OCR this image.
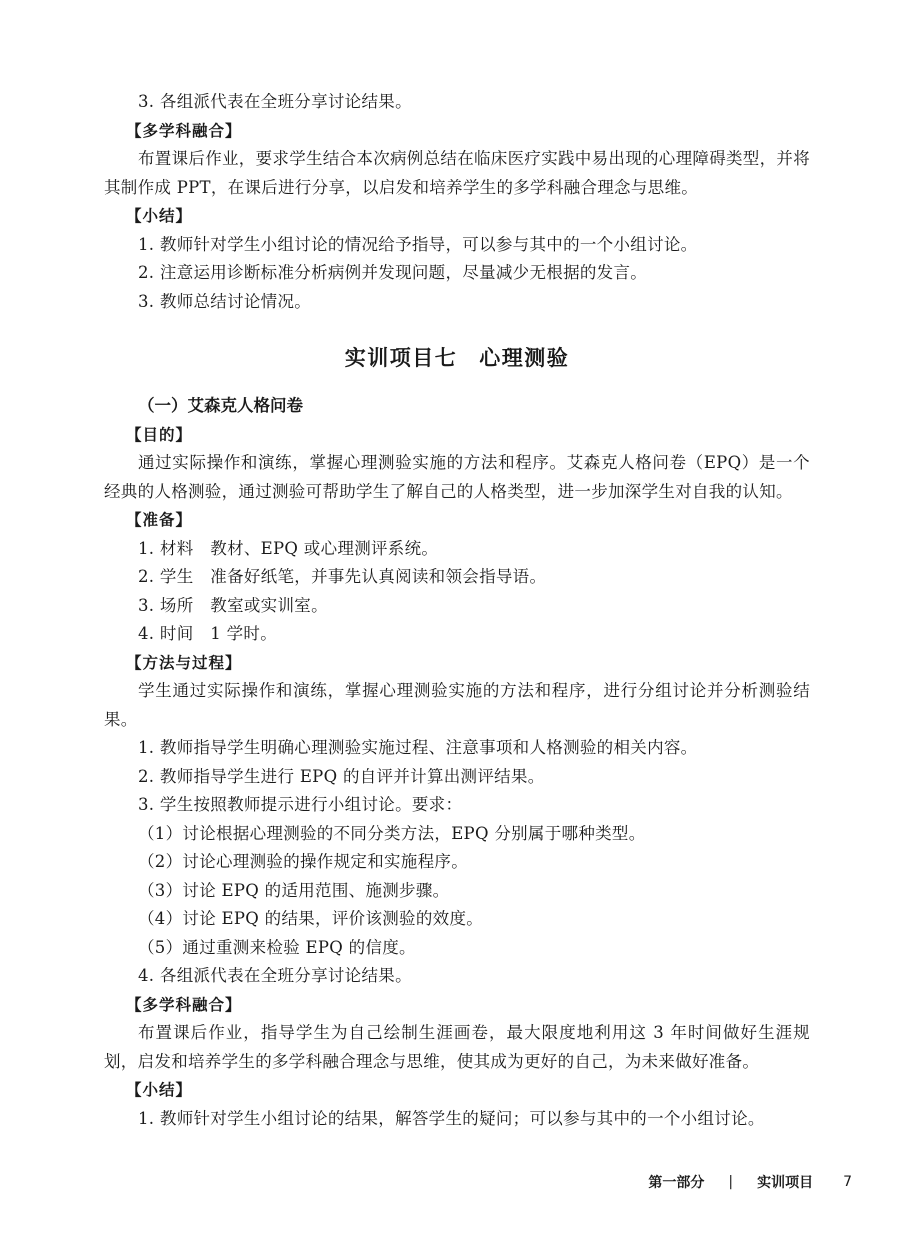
3. 各组派代表在全班分享讨论结果。
【多学科融合】
布置课后作业，要求学生结合本次病例总结在临床医疗实践中易出现的心理障碍类型，并将其制作成 PPT，在课后进行分享，以启发和培养学生的多学科融合理念与思维。
【小结】
1. 教师针对学生小组讨论的情况给予指导，可以参与其中的一个小组讨论。
2. 注意运用诊断标准分析病例并发现问题，尽量减少无根据的发言。
3. 教师总结讨论情况。
实训项目七 心理测验
（一）艾森克人格问卷
【目的】
通过实际操作和演练，掌握心理测验实施的方法和程序。艾森克人格问卷（EPQ）是一个经典的人格测验，通过测验可帮助学生了解自己的人格类型，进一步加深学生对自我的认知。
【准备】
1. 材料　教材、EPQ 或心理测评系统。
2. 学生　准备好纸笔，并事先认真阅读和领会指导语。
3. 场所　教室或实训室。
4. 时间　1 学时。
【方法与过程】
学生通过实际操作和演练，掌握心理测验实施的方法和程序，进行分组讨论并分析测验结果。
1. 教师指导学生明确心理测验实施过程、注意事项和人格测验的相关内容。
2. 教师指导学生进行 EPQ 的自评并计算出测评结果。
3. 学生按照教师提示进行小组讨论。要求：
（1）讨论根据心理测验的不同分类方法，EPQ 分别属于哪种类型。
（2）讨论心理测验的操作规定和实施程序。
（3）讨论 EPQ 的适用范围、施测步骤。
（4）讨论 EPQ 的结果，评价该测验的效度。
（5）通过重测来检验 EPQ 的信度。
4. 各组派代表在全班分享讨论结果。
【多学科融合】
布置课后作业，指导学生为自己绘制生涯画卷，最大限度地利用这 3 年时间做好生涯规划，启发和培养学生的多学科融合理念与思维，使其成为更好的自己，为未来做好准备。
【小结】
1. 教师针对学生小组讨论的结果，解答学生的疑问；可以参与其中的一个小组讨论。
第一部分 | 实训项目 7
